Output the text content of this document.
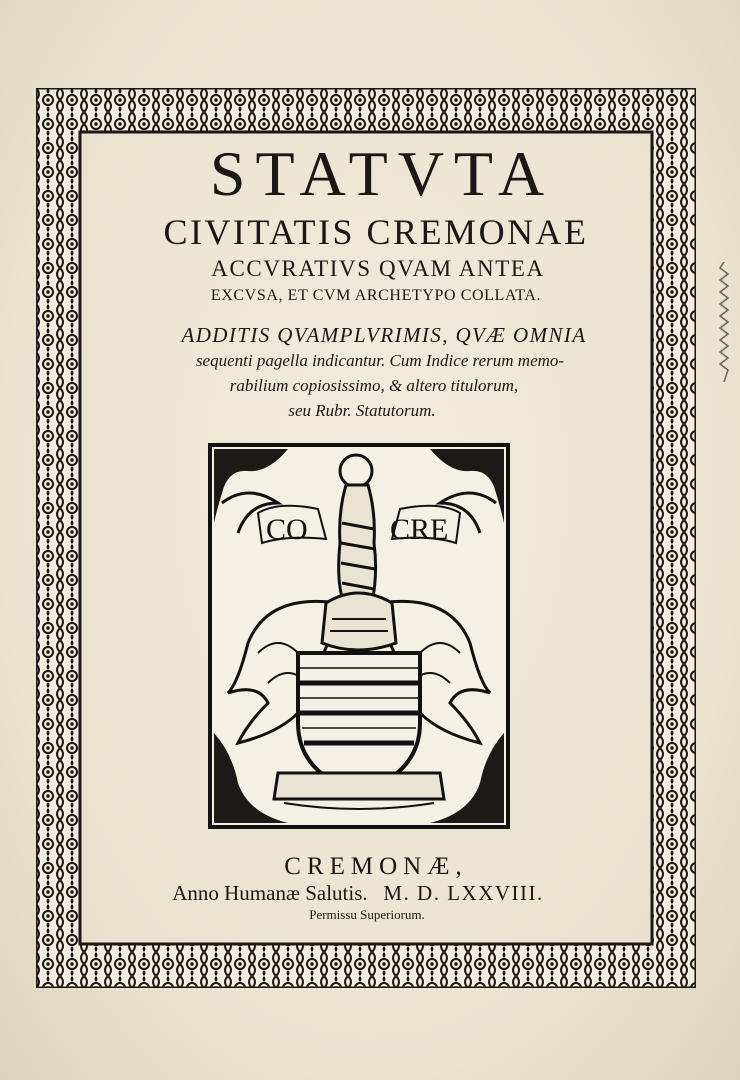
STATVTA
CIVITATIS CREMONAE
ACCVRATIVS QVAM ANTEA
EXCVSA, ET CVM ARCHETYPO COLLATA.
ADDITIS QVAMPLVRIMIS, QVÆ OMNIA
sequenti pagella indicantur. Cum Indice rerum memo-
rabilium copiosissimo, & altero titulorum,
seu Rubr. Statutorum.
CO	CRE
CREMONÆ,
Anno Humanæ Salutis. M. D. LXXVIII.
Permissu Superiorum.
